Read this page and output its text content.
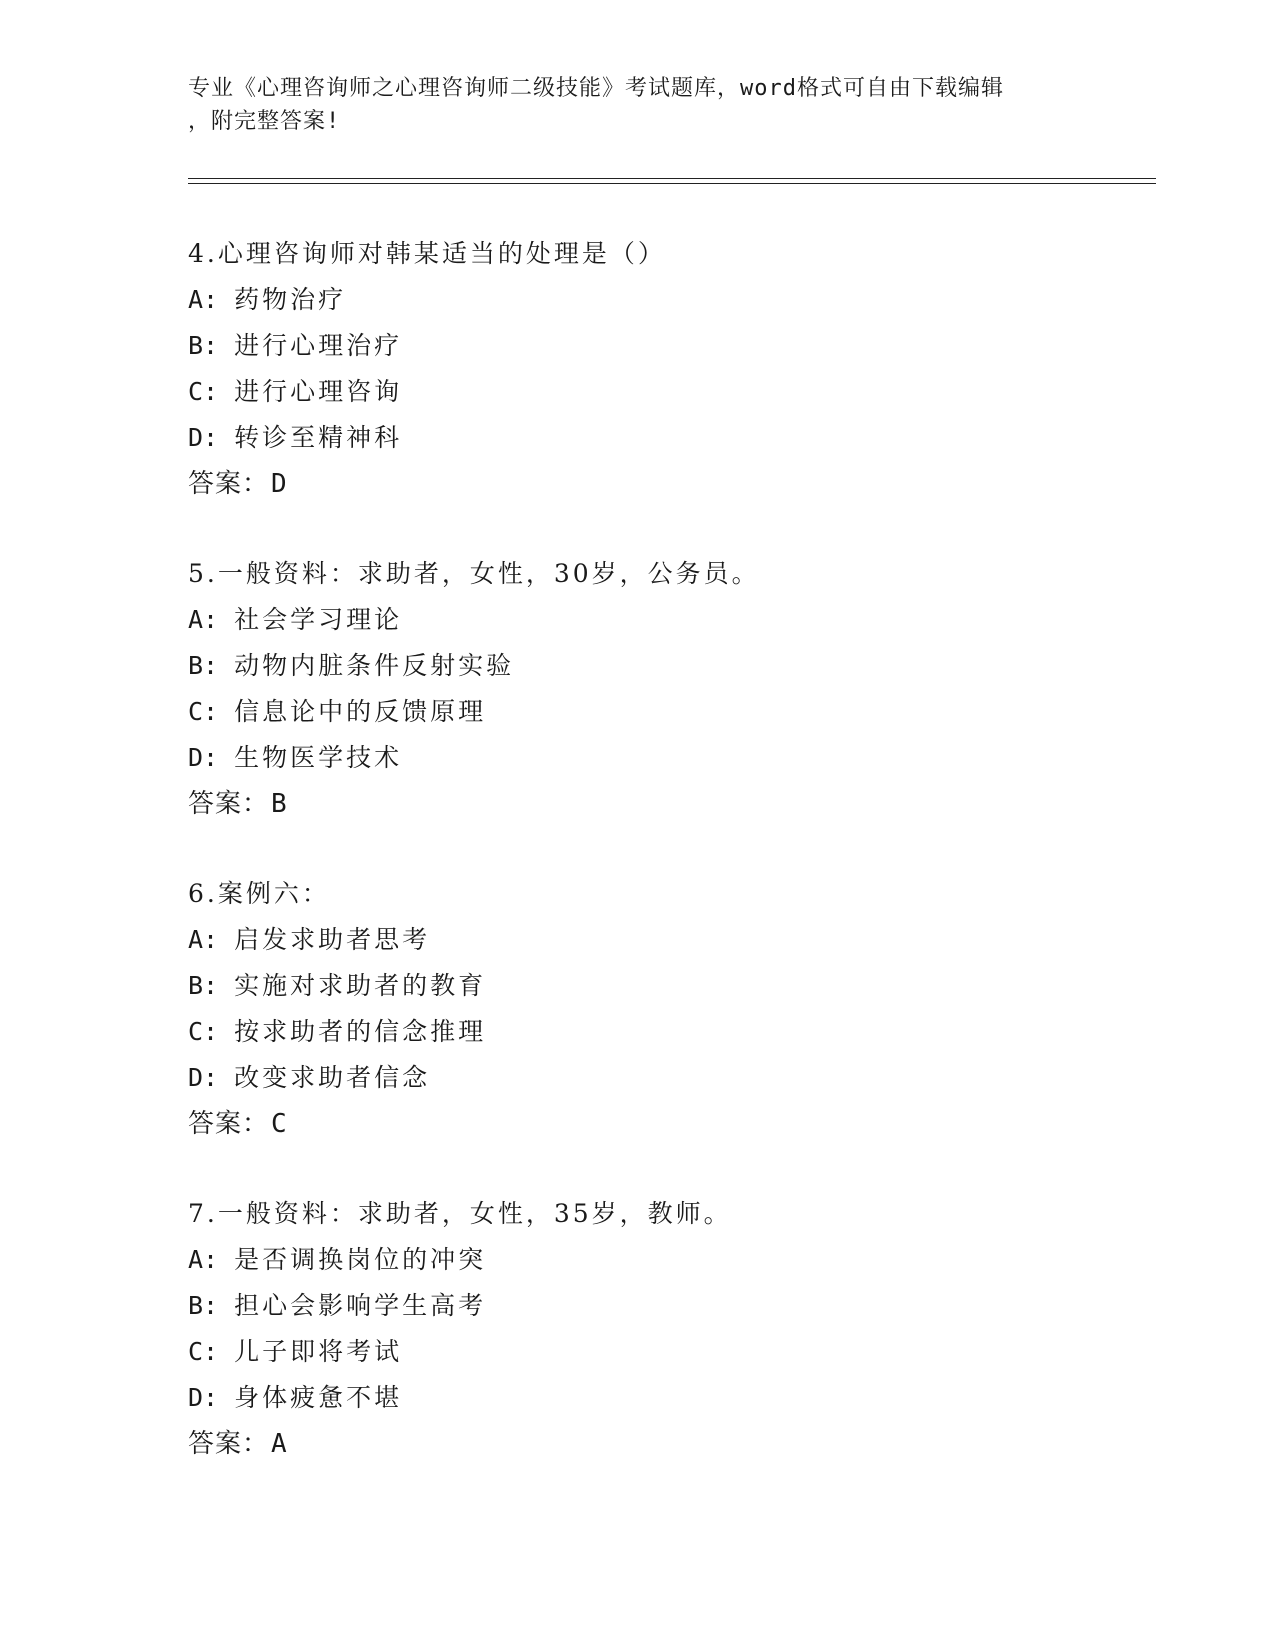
专业《心理咨询师之心理咨询师二级技能》考试题库，word格式可自由下载编辑
，附完整答案!
4.心理咨询师对韩某适当的处理是（）
A: 药物治疗
B: 进行心理治疗
C: 进行心理咨询
D: 转诊至精神科
答案：D
5.一般资料：求助者，女性，30岁，公务员。
A: 社会学习理论
B: 动物内脏条件反射实验
C: 信息论中的反馈原理
D: 生物医学技术
答案：B
6.案例六：
A: 启发求助者思考
B: 实施对求助者的教育
C: 按求助者的信念推理
D: 改变求助者信念
答案：C
7.一般资料：求助者，女性，35岁，教师。
A: 是否调换岗位的冲突
B: 担心会影响学生高考
C: 儿子即将考试
D: 身体疲惫不堪
答案：A
